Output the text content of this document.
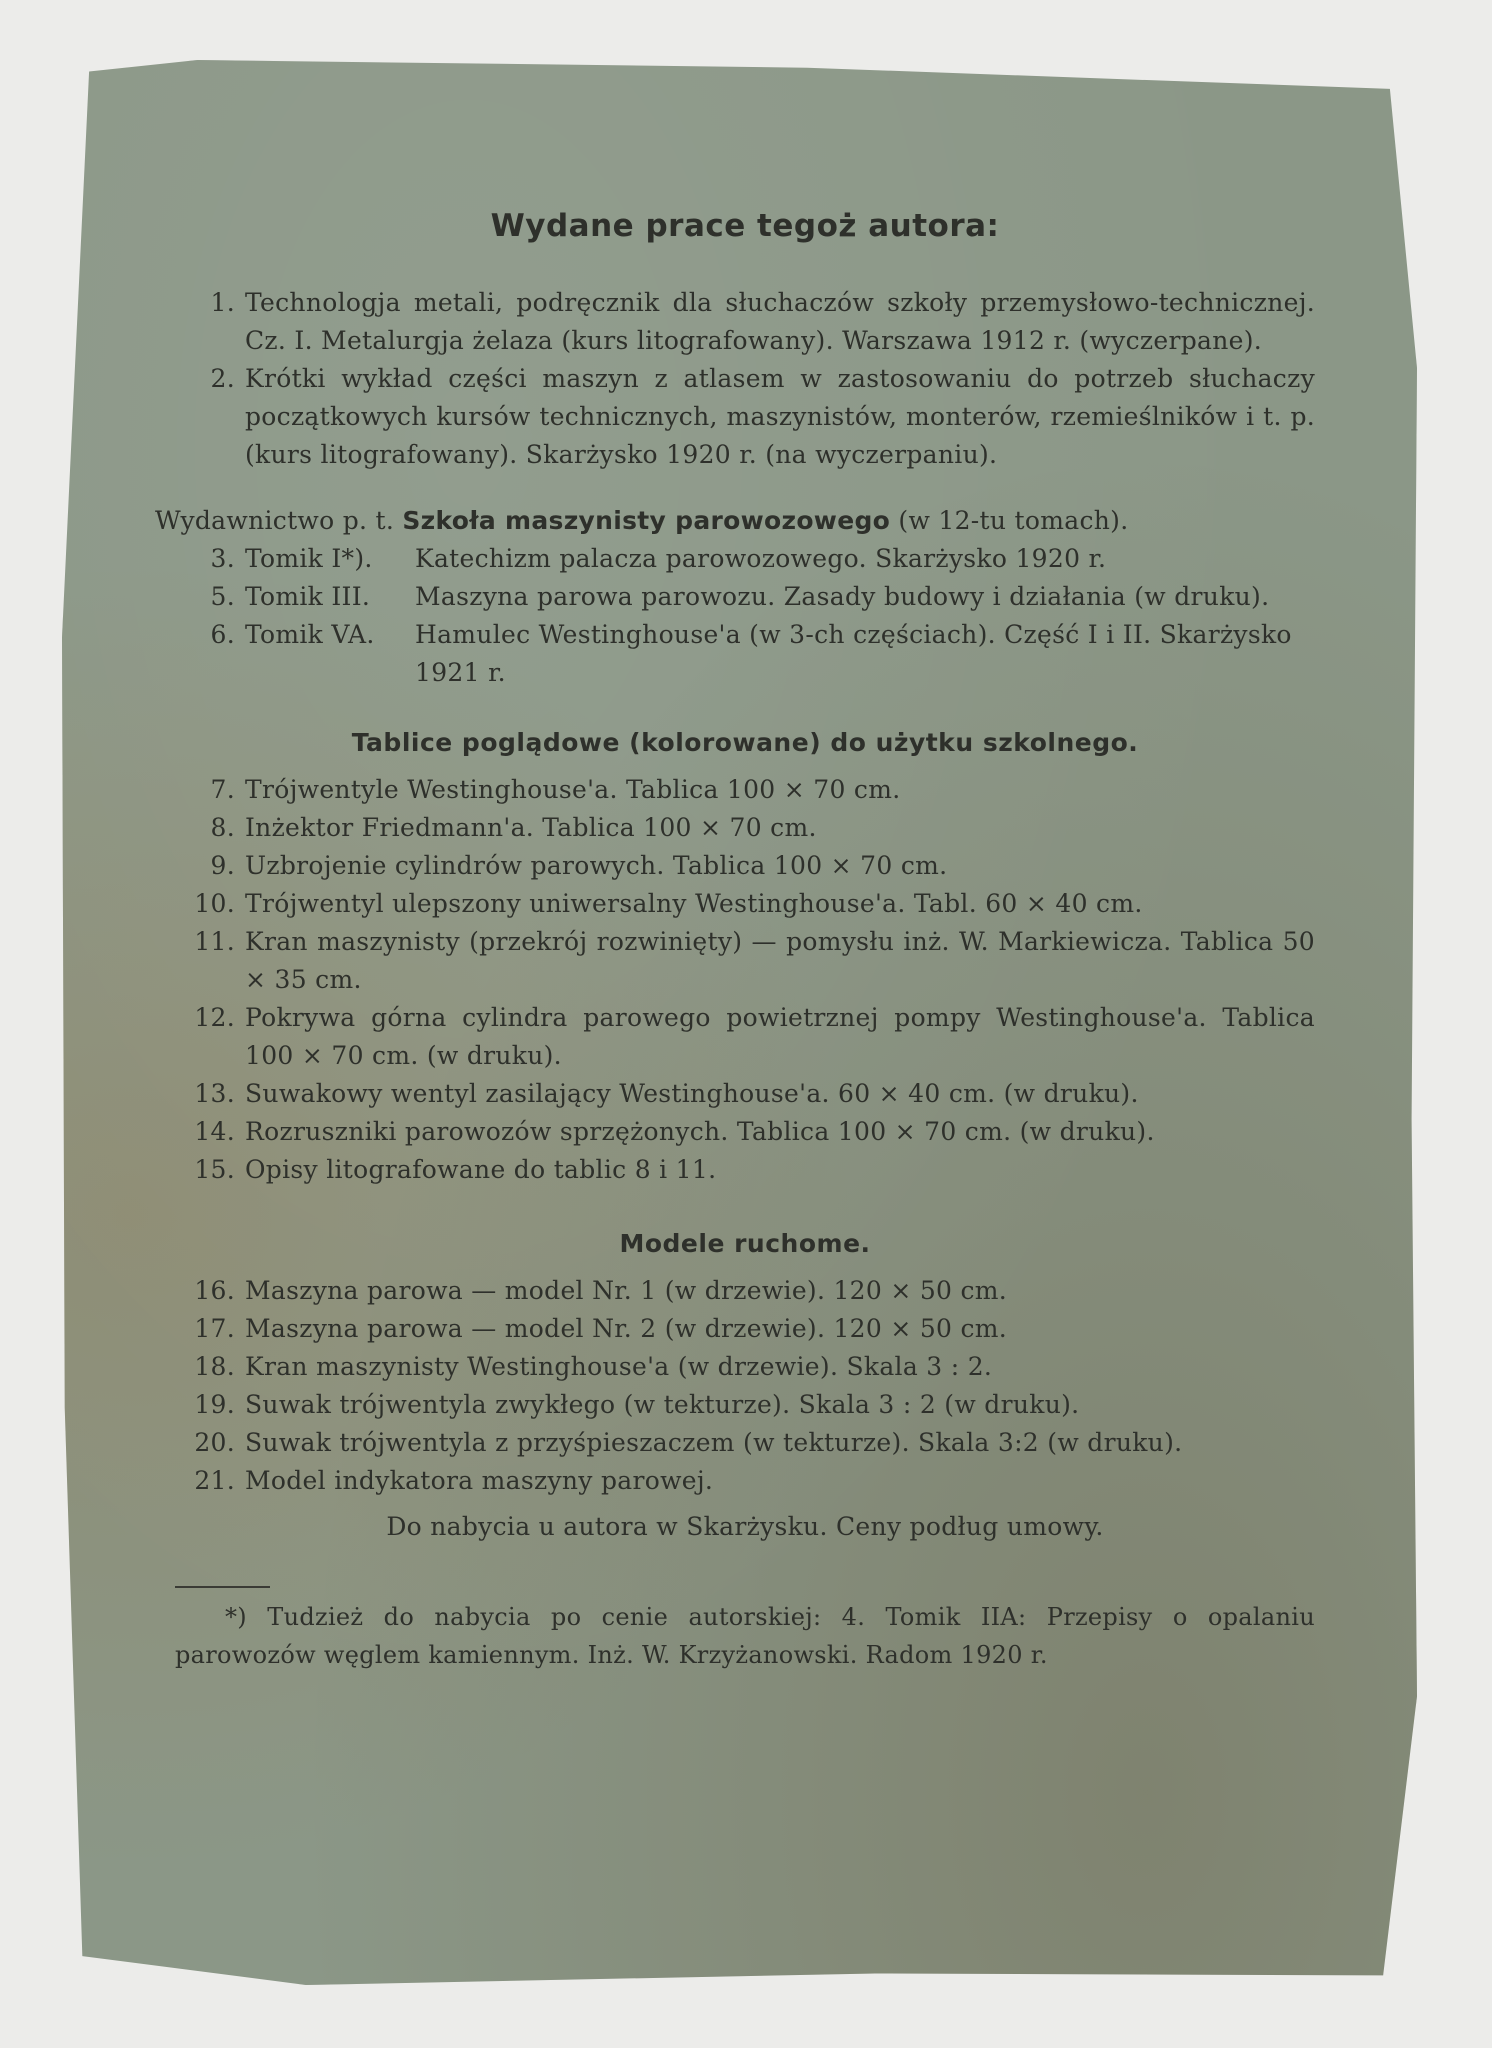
Wydane prace tegoż autora:
1. Technologja metali, podręcznik dla słuchaczów szkoły przemysłowo-technicznej. Cz. I. Metalurgja żelaza (kurs litografowany). Warszawa 1912 r. (wyczerpane).
2. Krótki wykład części maszyn z atlasem w zastosowaniu do potrzeb słuchaczy początkowych kursów technicznych, maszynistów, monterów, rzemieślników i t. p. (kurs litografowany). Skarżysko 1920 r. (na wyczerpaniu).
Wydawnictwo p. t. Szkoła maszynisty parowozowego (w 12-tu tomach).
3. Tomik I*).	Katechizm palacza parowozowego. Skarżysko 1920 r.
5. Tomik III.	Maszyna parowa parowozu. Zasady budowy i działania (w druku).
6. Tomik VA.	Hamulec Westinghouse'a (w 3-ch częściach). Część I i II. Skarżysko 1921 r.
Tablice poglądowe (kolorowane) do użytku szkolnego.
7. Trójwentyle Westinghouse'a. Tablica 100 × 70 cm.
8. Inżektor Friedmann'a. Tablica 100 × 70 cm.
9. Uzbrojenie cylindrów parowych. Tablica 100 × 70 cm.
10. Trójwentyl ulepszony uniwersalny Westinghouse'a. Tabl. 60 × 40 cm.
11. Kran maszynisty (przekrój rozwinięty) — pomysłu inż. W. Markiewicza. Tablica 50 × 35 cm.
12. Pokrywa górna cylindra parowego powietrznej pompy Westinghouse'a. Tablica 100 × 70 cm. (w druku).
13. Suwakowy wentyl zasilający Westinghouse'a. 60 × 40 cm. (w druku).
14. Rozruszniki parowozów sprzężonych. Tablica 100 × 70 cm. (w druku).
15. Opisy litografowane do tablic 8 i 11.
Modele ruchome.
16. Maszyna parowa — model Nr. 1 (w drzewie). 120 × 50 cm.
17. Maszyna parowa — model Nr. 2 (w drzewie). 120 × 50 cm.
18. Kran maszynisty Westinghouse'a (w drzewie). Skala 3 : 2.
19. Suwak trójwentyla zwykłego (w tekturze). Skala 3 : 2 (w druku).
20. Suwak trójwentyla z przyśpieszaczem (w tekturze). Skala 3:2 (w druku).
21. Model indykatora maszyny parowej.
Do nabycia u autora w Skarżysku. Ceny podług umowy.
*) Tudzież do nabycia po cenie autorskiej: 4. Tomik IIA: Przepisy o opalaniu parowozów węglem kamiennym. Inż. W. Krzyżanowski. Radom 1920 r.
